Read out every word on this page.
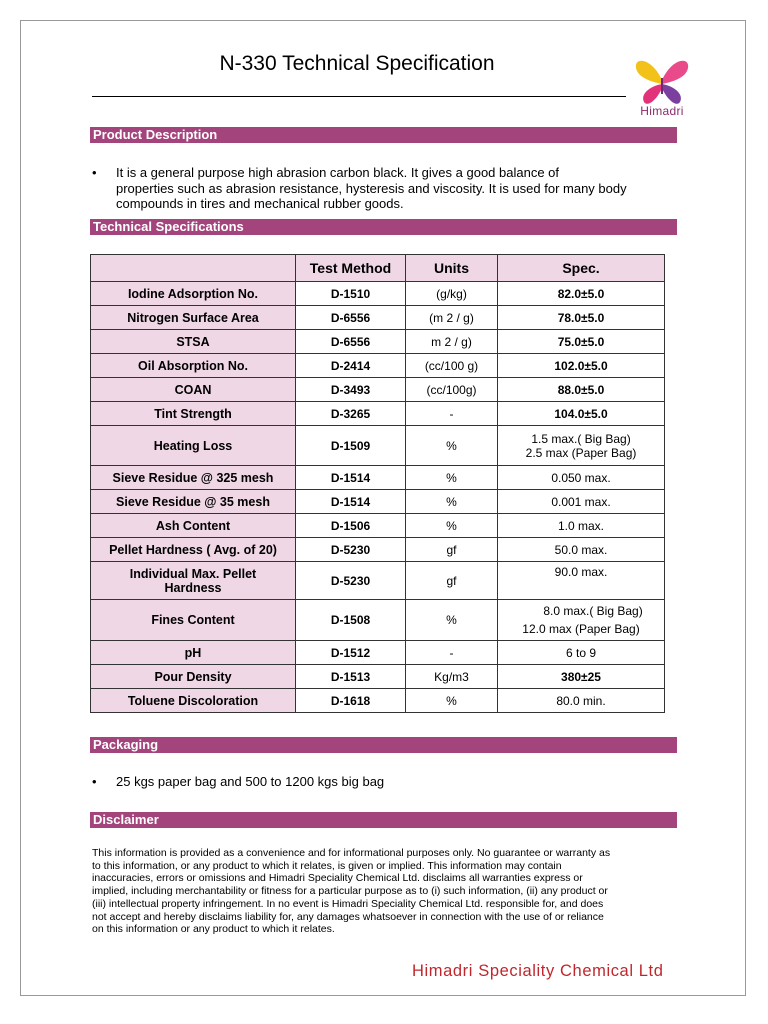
N-330 Technical Specification
Himadri
Product Description
• It is a general purpose high abrasion carbon black. It gives a good balance of
properties such as abrasion resistance, hysteresis and viscosity. It is used for many body
compounds in tires and mechanical rubber goods.
Technical Specifications
	Test Method	Units	Spec.
Iodine Adsorption No.	D-1510	(g/kg)	82.0±5.0
Nitrogen Surface Area	D-6556	(m 2 / g)	78.0±5.0
STSA	D-6556	m 2 / g)	75.0±5.0
Oil Absorption No.	D-2414	(cc/100 g)	102.0±5.0
COAN	D-3493	(cc/100g)	88.0±5.0
Tint Strength	D-3265	-	104.0±5.0
Heating Loss	D-1509	%	1.5 max.( Big Bag)
2.5 max (Paper Bag)

Sieve Residue @ 325 mesh	D-1514	%	0.050 max.
Sieve Residue @ 35 mesh	D-1514	%	0.001 max.
Ash Content	D-1506	%	1.0 max.
Pellet Hardness ( Avg. of 20)	D-5230	gf	50.0 max.

Individual Max. Pellet
Hardness	D-5230	gf	90.0 max.
Fines Content	D-1508	%	8.0 max.( Big Bag)
12.0 max (Paper Bag)

pH	D-1512	-	6 to 9
Pour Density	D-1513	Kg/m3	380±25
Toluene Discoloration	D-1618	%	80.0 min.
Packaging
• 25 kgs paper bag and 500 to 1200 kgs big bag
Disclaimer
This information is provided as a convenience and for informational purposes only. No guarantee or warranty as
to this information, or any product to which it relates, is given or implied. This information may contain
inaccuracies, errors or omissions and Himadri Speciality Chemical Ltd. disclaims all warranties express or
implied, including merchantability or fitness for a particular purpose as to (i) such information, (ii) any product or
(iii) intellectual property infringement. In no event is Himadri Speciality Chemical Ltd. responsible for, and does
not accept and hereby disclaims liability for, any damages whatsoever in connection with the use of or reliance
on this information or any product to which it relates.
Himadri Speciality Chemical Ltd
